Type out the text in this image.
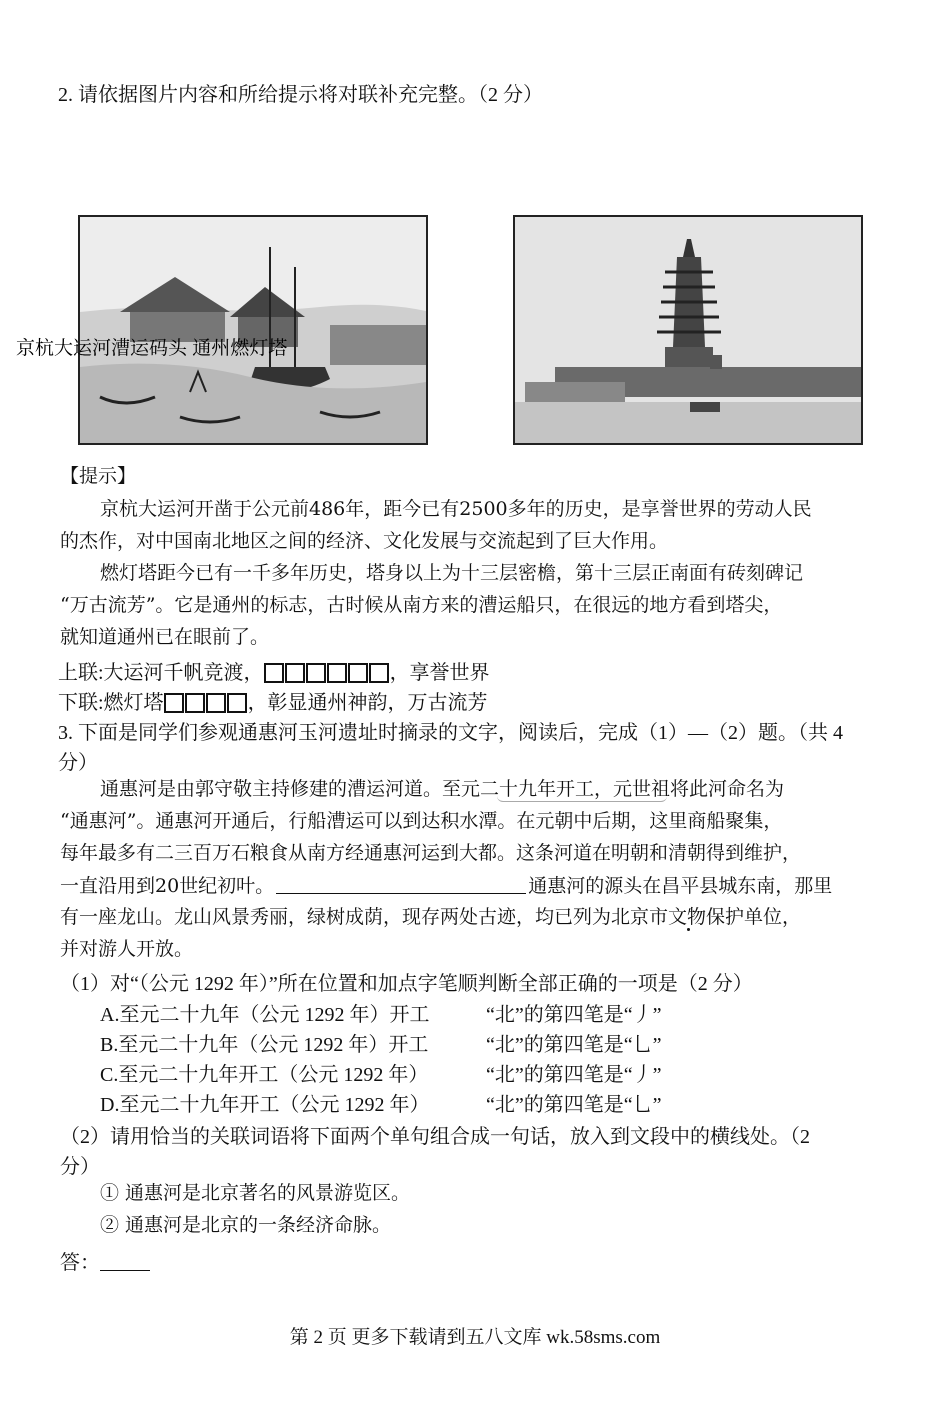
2. 请依据图片内容和所给提示将对联补充完整。（2 分）
京杭大运河漕运码头 通州燃灯塔
【提示】
京杭大运河开凿于公元前486年，距今已有2500多年的历史，是享誉世界的劳动人民
的杰作，对中国南北地区之间的经济、文化发展与交流起到了巨大作用。
燃灯塔距今已有一千多年历史，塔身以上为十三层密檐，第十三层正南面有砖刻碑记
“万古流芳”。它是通州的标志，古时候从南方来的漕运船只，在很远的地方看到塔尖，
就知道通州已在眼前了。
上联:大运河千帆竞渡，	，享誉世界
下联:燃灯塔	，彰显通州神韵，万古流芳
3. 下面是同学们参观通惠河玉河遗址时摘录的文字，阅读后，完成（1）—（2）题。（共 4
分）
通惠河是由郭守敬主持修建的漕运河道。至元二十九年开工，元世祖将此河命名为
“通惠河”。通惠河开通后，行船漕运可以到达积水潭。在元朝中后期，这里商船聚集，
每年最多有二三百万石粮食从南方经通惠河运到大都。这条河道在明朝和清朝得到维护，
一直沿用到20世纪初叶。	通惠河的源头在昌平县城东南，那里
有一座龙山。龙山风景秀丽，绿树成荫，现存两处古迹，均已列为北京市文物保护单位，
并对游人开放。
（1）对“（公元 1292 年）”所在位置和加点字笔顺判断全部正确的一项是（2 分）
A.至元二十九年（公元 1292 年）开工	“北”的第四笔是“丿”
B.至元二十九年（公元 1292 年）开工	“北”的第四笔是“乚”
C.至元二十九年开工（公元 1292 年）	“北”的第四笔是“丿”
D.至元二十九年开工（公元 1292 年）	“北”的第四笔是“乚”
（2）请用恰当的关联词语将下面两个单句组合成一句话，放入到文段中的横线处。（2
分）
① 通惠河是北京著名的风景游览区。
② 通惠河是北京的一条经济命脉。
答：
第 2 页 更多下载请到五八文库 wk.58sms.com
